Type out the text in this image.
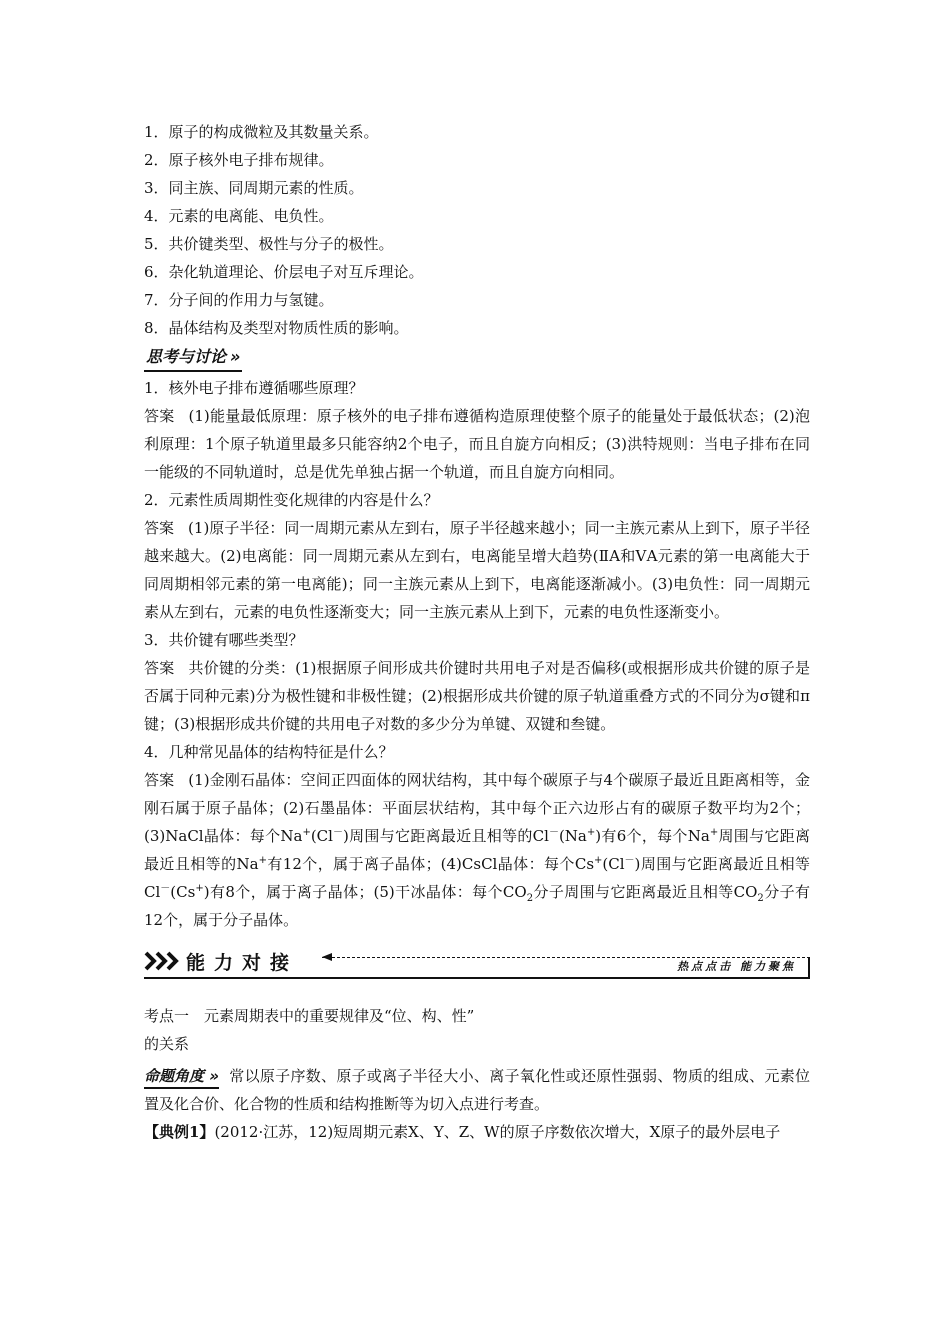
1．原子的构成微粒及其数量关系。
2．原子核外电子排布规律。
3．同主族、同周期元素的性质。
4．元素的电离能、电负性。
5．共价键类型、极性与分子的极性。
6．杂化轨道理论、价层电子对互斥理论。
7．分子间的作用力与氢键。
8．晶体结构及类型对物质性质的影响。
思考与讨论 »
1．核外电子排布遵循哪些原理？
答案 (1)能量最低原理：原子核外的电子排布遵循构造原理使整个原子的能量处于最低状态；(2)泡利原理：1个原子轨道里最多只能容纳2个电子，而且自旋方向相反；(3)洪特规则：当电子排布在同一能级的不同轨道时，总是优先单独占据一个轨道，而且自旋方向相同。
2．元素性质周期性变化规律的内容是什么？
答案 (1)原子半径：同一周期元素从左到右，原子半径越来越小；同一主族元素从上到下，原子半径越来越大。(2)电离能：同一周期元素从左到右，电离能呈增大趋势(ⅡA和ⅤA元素的第一电离能大于同周期相邻元素的第一电离能)；同一主族元素从上到下，电离能逐渐减小。(3)电负性：同一周期元素从左到右，元素的电负性逐渐变大；同一主族元素从上到下，元素的电负性逐渐变小。
3．共价键有哪些类型？
答案 共价键的分类：(1)根据原子间形成共价键时共用电子对是否偏移(或根据形成共价键的原子是否属于同种元素)分为极性键和非极性键；(2)根据形成共价键的原子轨道重叠方式的不同分为σ键和π键；(3)根据形成共价键的共用电子对数的多少分为单键、双键和叁键。
4．几种常见晶体的结构特征是什么？
答案 (1)金刚石晶体：空间正四面体的网状结构，其中每个碳原子与4个碳原子最近且距离相等，金刚石属于原子晶体；(2)石墨晶体：平面层状结构，其中每个正六边形占有的碳原子数平均为2个；(3)NaCl晶体：每个Na+(Cl－)周围与它距离最近且相等的Cl－(Na+)有6个，每个Na+周围与它距离最近且相等的Na+有12个，属于离子晶体；(4)CsCl晶体：每个Cs+(Cl－)周围与它距离最近且相等Cl－(Cs+)有8个，属于离子晶体；(5)干冰晶体：每个$CO_2$分子周围与它距离最近且相等$CO_2$分子有12个，属于分子晶体。
能力对接	热点点击 能力聚焦
考点一　元素周期表中的重要规律及“位、构、性”
的关系
命题角度 » 常以原子序数、原子或离子半径大小、离子氧化性或还原性强弱、物质的组成、元素位置及化合价、化合物的性质和结构推断等为切入点进行考查。
【典例1】(2012·江苏，12)短周期元素X、Y、Z、W的原子序数依次增大，X原子的最外层电子
